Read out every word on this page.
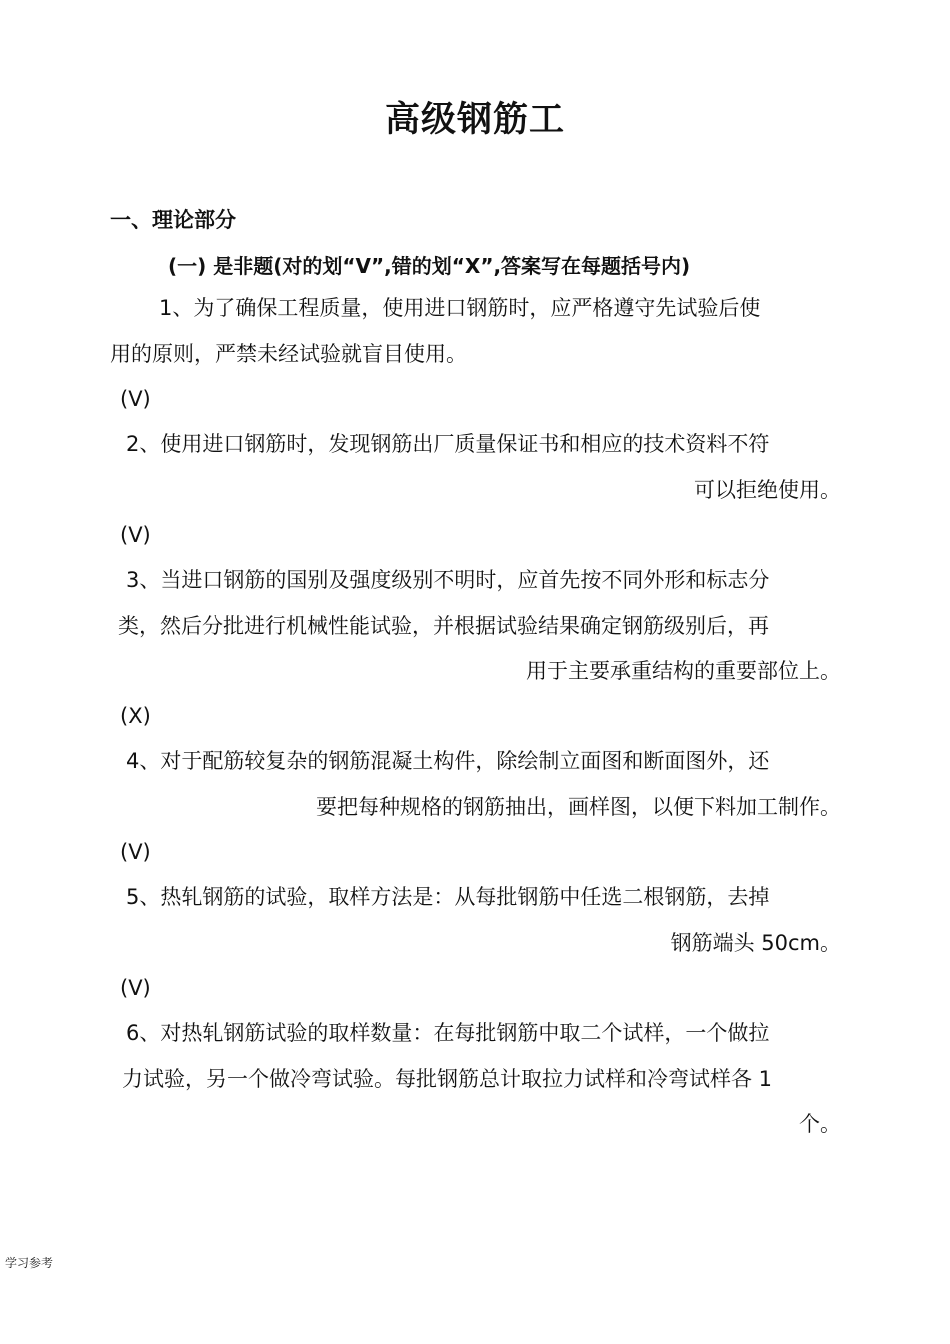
高级钢筋工
一、理论部分
(一) 是非题(对的划“V”,错的划“X”,答案写在每题括号内)
1、为了确保工程质量，使用进口钢筋时，应严格遵守先试验后使
用的原则，严禁未经试验就盲目使用。
(V)
2、使用进口钢筋时，发现钢筋出厂质量保证书和相应的技术资料不符
可以拒绝使用。
(V)
3、当进口钢筋的国别及强度级别不明时，应首先按不同外形和标志分
类，然后分批进行机械性能试验，并根据试验结果确定钢筋级别后，再
用于主要承重结构的重要部位上。
(X)
4、对于配筋较复杂的钢筋混凝土构件，除绘制立面图和断面图外，还
要把每种规格的钢筋抽出，画样图，以便下料加工制作。
(V)
5、热轧钢筋的试验，取样方法是：从每批钢筋中任选二根钢筋，去掉
钢筋端头 50cm。
(V)
6、对热轧钢筋试验的取样数量：在每批钢筋中取二个试样，一个做拉
力试验，另一个做冷弯试验。每批钢筋总计取拉力试样和冷弯试样各 1
个。
学习参考
